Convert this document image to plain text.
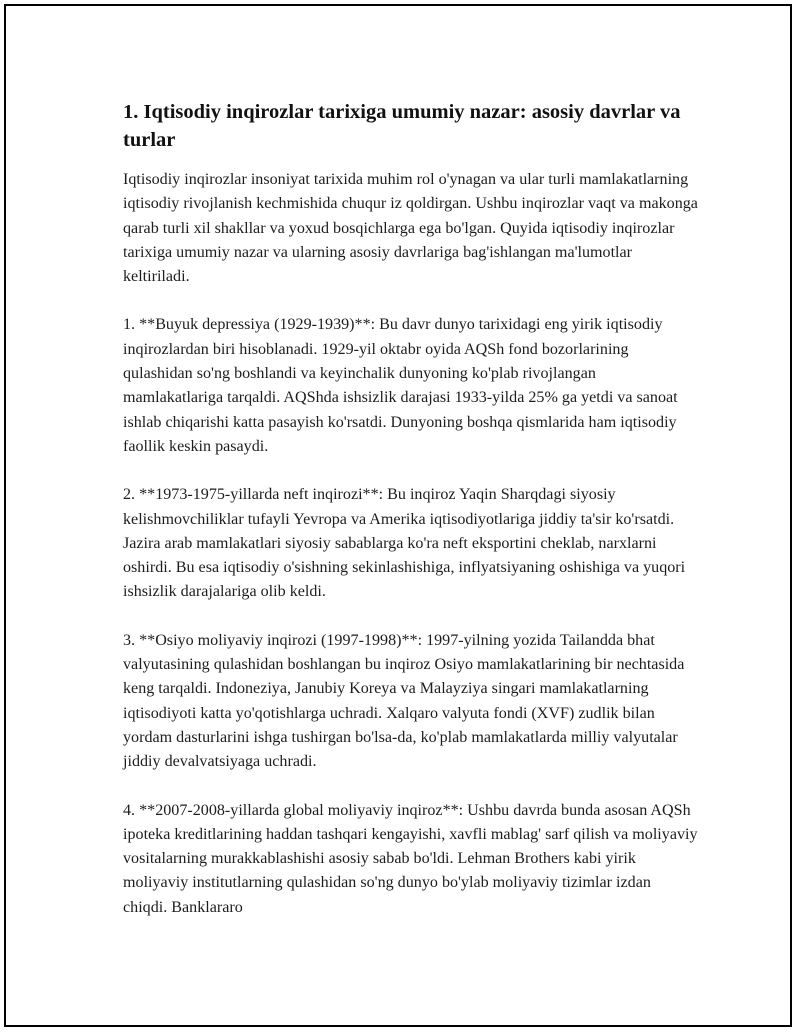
1. Iqtisodiy inqirozlar tarixiga umumiy nazar: asosiy davrlar va turlar

Iqtisodiy inqirozlar insoniyat tarixida muhim rol o'ynagan va ular turli mamlakatlarning iqtisodiy rivojlanish kechmishida chuqur iz qoldirgan. Ushbu inqirozlar vaqt va makonga qarab turli xil shakllar va yoxud bosqichlarga ega bo'lgan. Quyida iqtisodiy inqirozlar tarixiga umumiy nazar va ularning asosiy davrlariga bag'ishlangan ma'lumotlar keltiriladi.

1. **Buyuk depressiya (1929-1939)**: Bu davr dunyo tarixidagi eng yirik iqtisodiy inqirozlardan biri hisoblanadi. 1929-yil oktabr oyida AQSh fond bozorlarining qulashidan so'ng boshlandi va keyinchalik dunyoning ko'plab rivojlangan mamlakatlariga tarqaldi. AQShda ishsizlik darajasi 1933-yilda 25% ga yetdi va sanoat ishlab chiqarishi katta pasayish ko'rsatdi. Dunyoning boshqa qismlarida ham iqtisodiy faollik keskin pasaydi.

2. **1973-1975-yillarda neft inqirozi**: Bu inqiroz Yaqin Sharqdagi siyosiy kelishmovchiliklar tufayli Yevropa va Amerika iqtisodiyotlariga jiddiy ta'sir ko'rsatdi. Jazira arab mamlakatlari siyosiy sabablarga ko'ra neft eksportini cheklab, narxlarni oshirdi. Bu esa iqtisodiy o'sishning sekinlashishiga, inflyatsiyaning oshishiga va yuqori ishsizlik darajalariga olib keldi.

3. **Osiyo moliyaviy inqirozi (1997-1998)**: 1997-yilning yozida Tailandda bhat valyutasining qulashidan boshlangan bu inqiroz Osiyo mamlakatlarining bir nechtasida keng tarqaldi. Indoneziya, Janubiy Koreya va Malayziya singari mamlakatlarning iqtisodiyoti katta yo'qotishlarga uchradi. Xalqaro valyuta fondi (XVF) zudlik bilan yordam dasturlarini ishga tushirgan bo'lsa-da, ko'plab mamlakatlarda milliy valyutalar jiddiy devalvatsiyaga uchradi.

4. **2007-2008-yillarda global moliyaviy inqiroz**: Ushbu davrda bunda asosan AQSh ipoteka kreditlarining haddan tashqari kengayishi, xavfli mablag' sarf qilish va moliyaviy vositalarning murakkablashishi asosiy sabab bo'ldi. Lehman Brothers kabi yirik moliyaviy institutlarning qulashidan so'ng dunyo bo'ylab moliyaviy tizimlar izdan chiqdi. Banklararo
